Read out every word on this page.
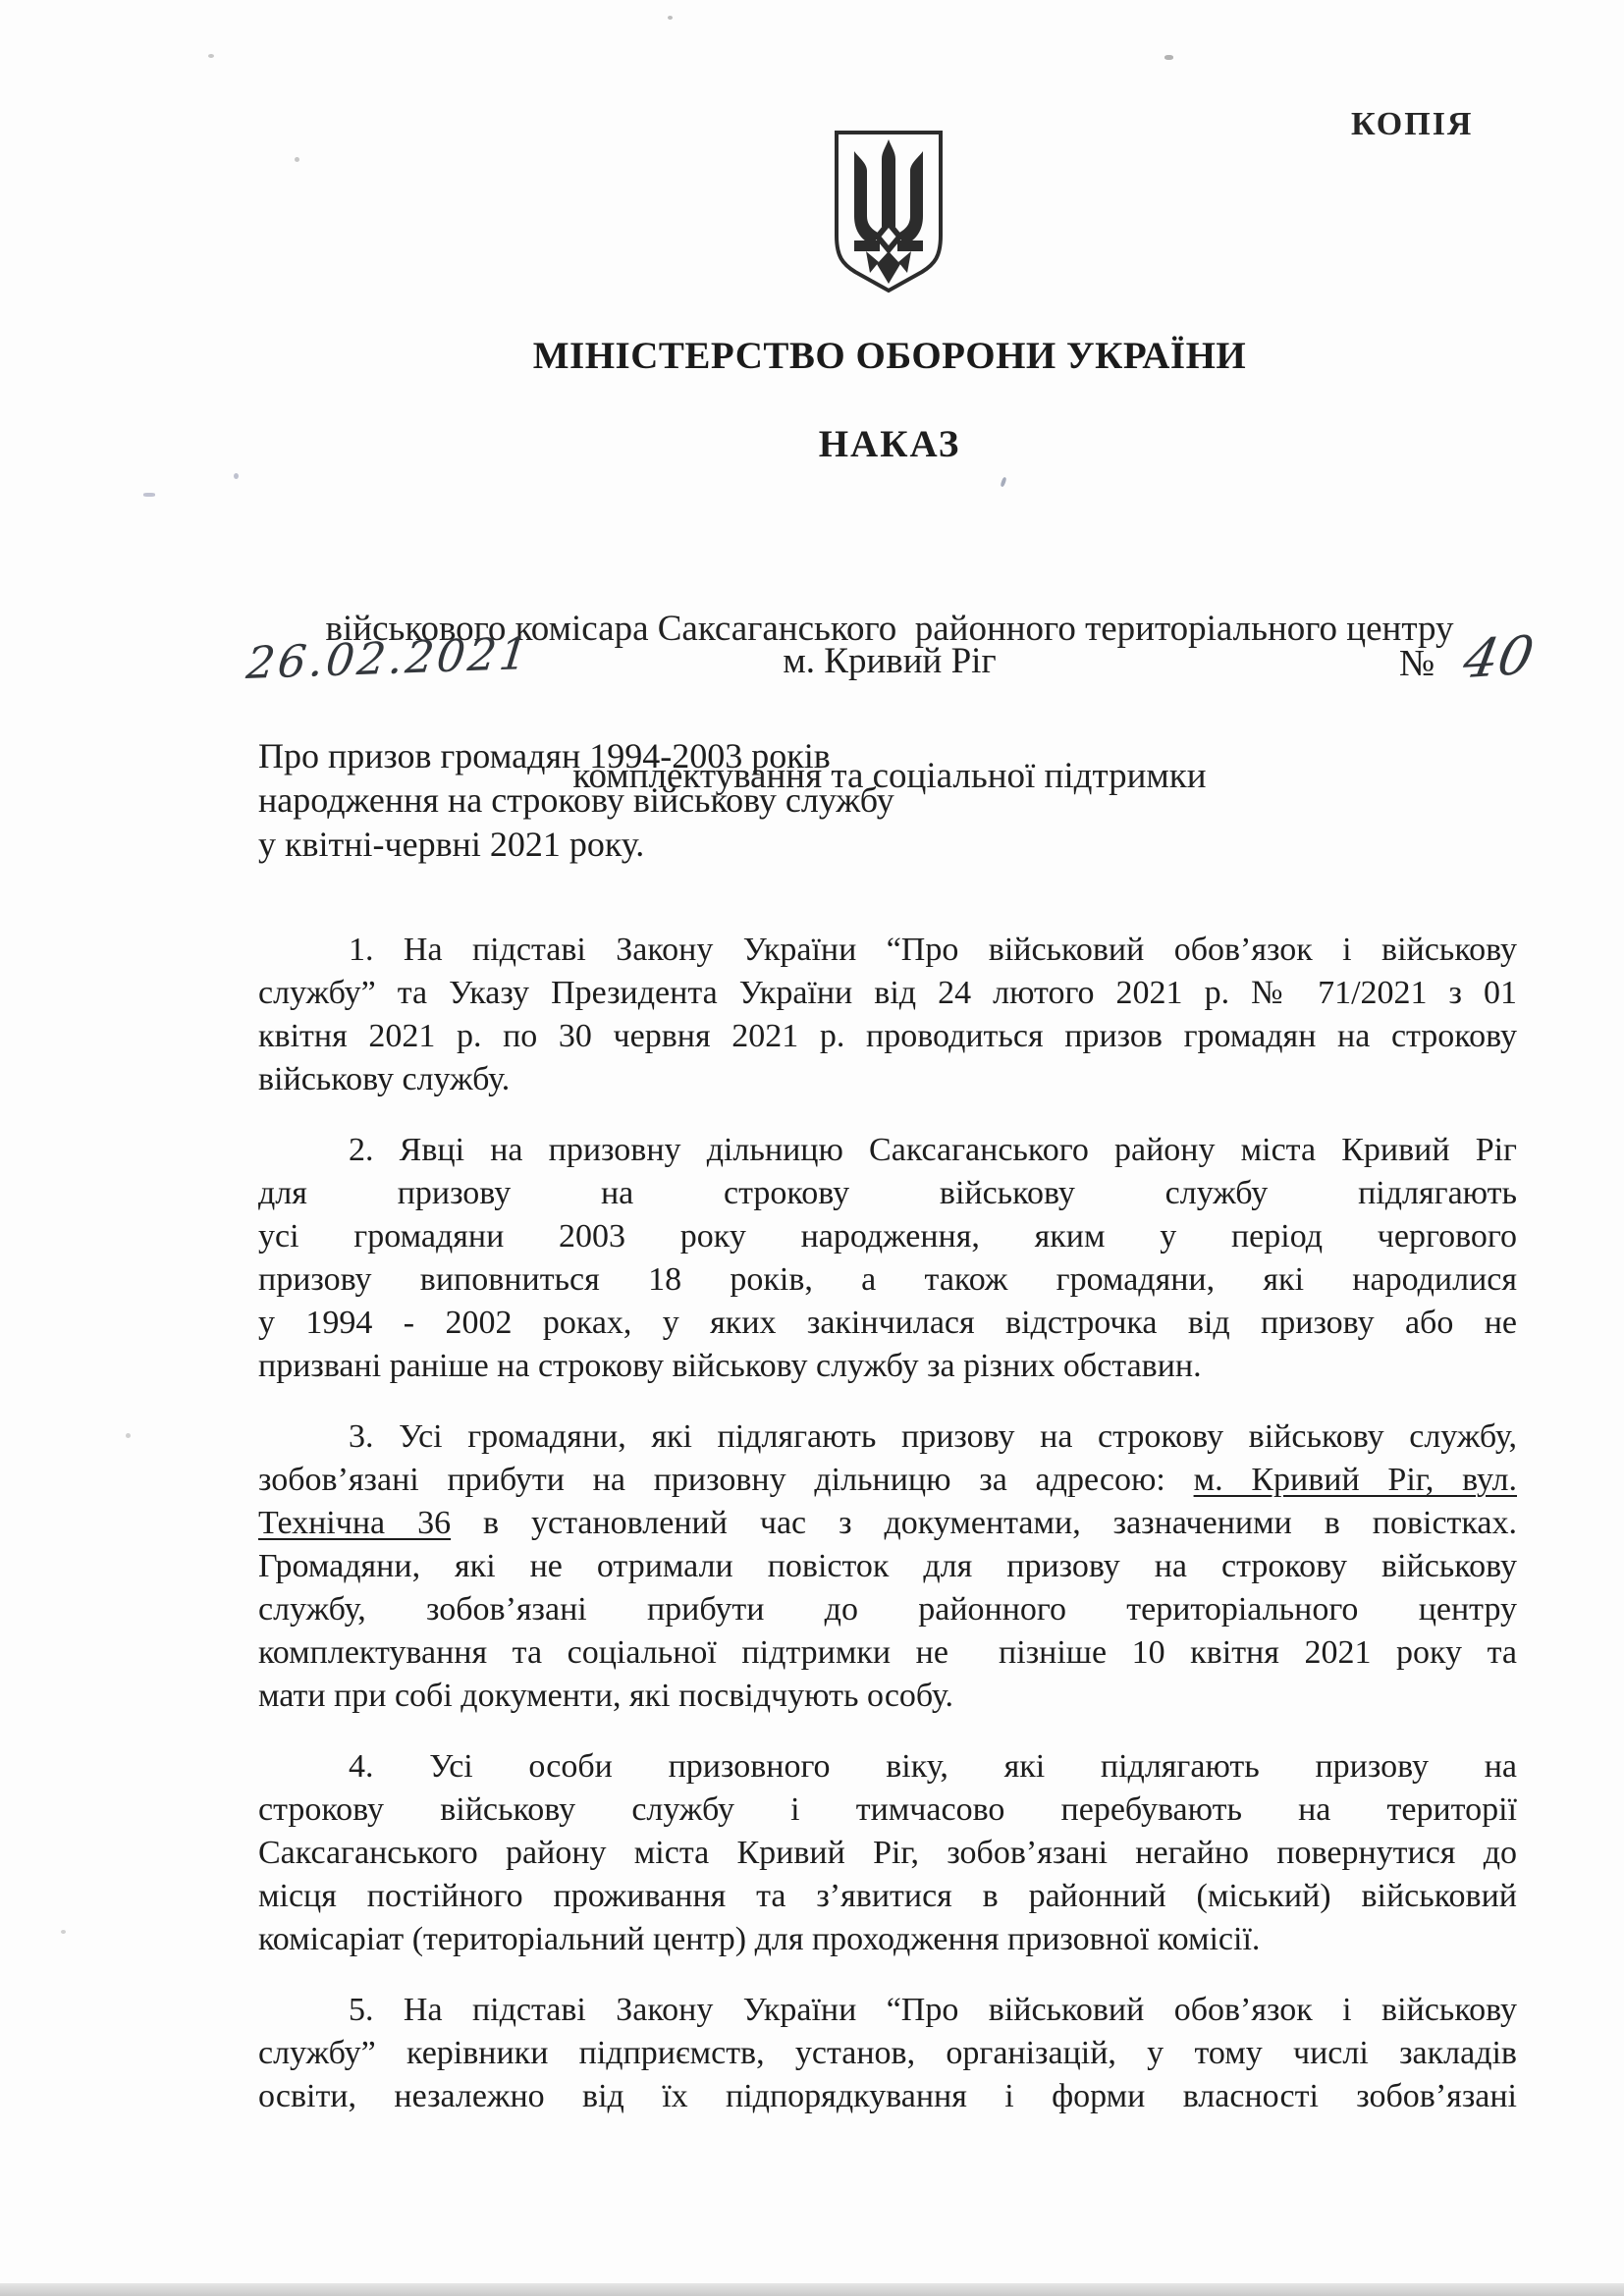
КОПІЯ
МІНІСТЕРСТВО ОБОРОНИ УКРАЇНИ
НАКАЗ

військового комісара Саксаганського  районного територіального центру

комплектування та соціальної підтримки

26.02.2021	м. Кривий Ріг	№ 40
Про призов громадян 1994-2003 років
народження на строкову військову службу
у квітні-червні 2021 року.
1. На підставі Закону України “Про військовий обов’язок і військову
службу” та Указу Президента України від 24 лютого 2021 р. № 71/2021 з 01
квітня 2021 р. по 30 червня 2021 р. проводиться призов громадян на строкову
військову службу.
2. Явці на призовну дільницю Саксаганського району міста Кривий Ріг
для призову на строкову військову службу підлягають
усі громадяни 2003 року народження, яким у період чергового
призову виповниться 18 років, а також громадяни, які народилися
у 1994 - 2002 роках, у яких закінчилася відстрочка від призову або не
призвані раніше на строкову військову службу за різних обставин.
3. Усі громадяни, які підлягають призову на строкову військову службу,
зобов’язані прибути на призовну дільницю за адресою: м. Кривий Ріг, вул.
Технічна 36 в установлений час з документами, зазначеними в повістках.
Громадяни, які не отримали повісток для призову на строкову військову
службу, зобов’язані прибути до районного територіального центру
комплектування та соціальної підтримки не  пізніше 10 квітня 2021 року та
мати при собі документи, які посвідчують особу.
4. Усі особи призовного віку, які підлягають призову на
строкову військову службу і тимчасово перебувають на території
Саксаганського району міста Кривий Ріг, зобов’язані негайно повернутися до
місця постійного проживання та з’явитися в районний (міський) військовий
комісаріат (територіальний центр) для проходження призовної комісії.
5. На підставі Закону України “Про військовий обов’язок і військову
службу” керівники підприємств, установ, організацій, у тому числі закладів
освіти, незалежно від їх підпорядкування і форми власності зобов’язані
